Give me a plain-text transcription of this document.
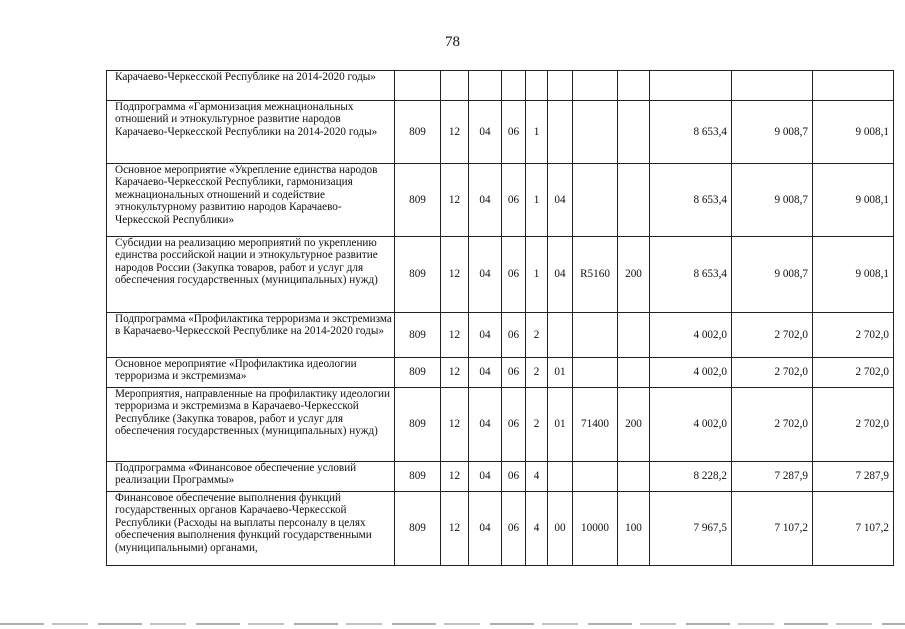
78
Карачаево-Черкесской Республике на 2014-2020 годы»											
Подпрограмма «Гармонизация межнациональных отношений и этнокультурное развитие народов Карачаево-Черкесской Республики на 2014-2020 годы»	809	12	04	06	1				8 653,4	9 008,7	9 008,1
Основное мероприятие «Укрепление единства народов Карачаево-Черкесской Республики, гармонизация межнациональных отношений и содействие этнокультурному развитию народов Карачаево-Черкесской Республики»	809	12	04	06	1	04			8 653,4	9 008,7	9 008,1
Субсидии на реализацию мероприятий по укреплению единства российской нации и этнокультурное развитие народов России (Закупка товаров, работ и услуг для обеспечения государственных (муниципальных) нужд)	809	12	04	06	1	04	R5160	200	8 653,4	9 008,7	9 008,1
Подпрограмма «Профилактика терроризма и экстремизма в Карачаево-Черкесской Республике на 2014-2020 годы»	809	12	04	06	2				4 002,0	2 702,0	2 702,0
Основное мероприятие «Профилактика идеологии терроризма и экстремизма»	809	12	04	06	2	01			4 002,0	2 702,0	2 702,0
Мероприятия, направленные на профилактику идеологии терроризма и экстремизма в Карачаево-Черкесской Республике (Закупка товаров, работ и услуг для обеспечения государственных (муниципальных) нужд)	809	12	04	06	2	01	71400	200	4 002,0	2 702,0	2 702,0
Подпрограмма «Финансовое обеспечение условий реализации Программы»	809	12	04	06	4				8 228,2	7 287,9	7 287,9
Финансовое обеспечение выполнения функций государственных органов Карачаево-Черкесской Республики (Расходы на выплаты персоналу в целях обеспечения выполнения функций государственными (муниципальными) органами,	809	12	04	06	4	00	10000	100	7 967,5	7 107,2	7 107,2
